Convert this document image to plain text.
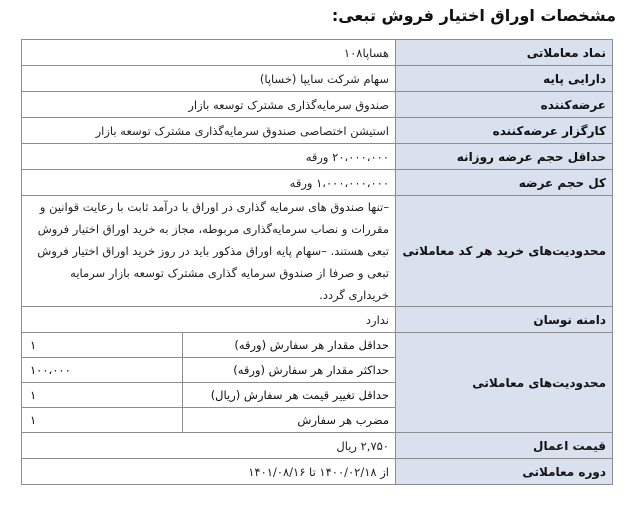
مشخصات اوراق اختیار فروش تبعی:
نماد معاملاتی	هساپا۱۰۸
دارایی پایه	سهام شرکت سایپا (خساپا)
عرضه‌کننده	صندوق سرمایه‌گذاری مشترک توسعه بازار
کارگزار عرضه‌کننده	استیشن اختصاصی صندوق سرمایه‌گذاری مشترک توسعه بازار
حداقل حجم عرضه روزانه	۲۰،۰۰۰،۰۰۰ ورقه
کل حجم عرضه	۱،۰۰۰،۰۰۰،۰۰۰ ورقه
محدودیت‌های خرید هر کد معاملاتی	–تنها صندوق های سرمایه گذاری در اوراق با درآمد ثابت با رعایت قوانین و مقررات و نصاب سرمایه‌گذاری مربوطه، مجاز به خرید اوراق اختیار فروش تبعی هستند. –سهام پایه اوراق مذکور باید در روز خرید اوراق اختیار فروش تبعی و صرفا از صندوق سرمایه گذاری مشترک توسعه بازار سرمایه خریداری گردد.
دامنه نوسان	ندارد
محدودیت‌های معاملاتی	
حداقل مقدار هر سفارش (ورقه)	۱
حداکثر مقدار هر سفارش (ورقه)	۱۰۰،۰۰۰
حداقل تغییر قیمت هر سفارش (ریال)	۱
مضرب هر سفارش	۱

قیمت اعمال	۲,۷۵۰ ریال
دوره معاملاتی	از ۱۴۰۰/۰۲/۱۸ تا ۱۴۰۱/۰۸/۱۶
